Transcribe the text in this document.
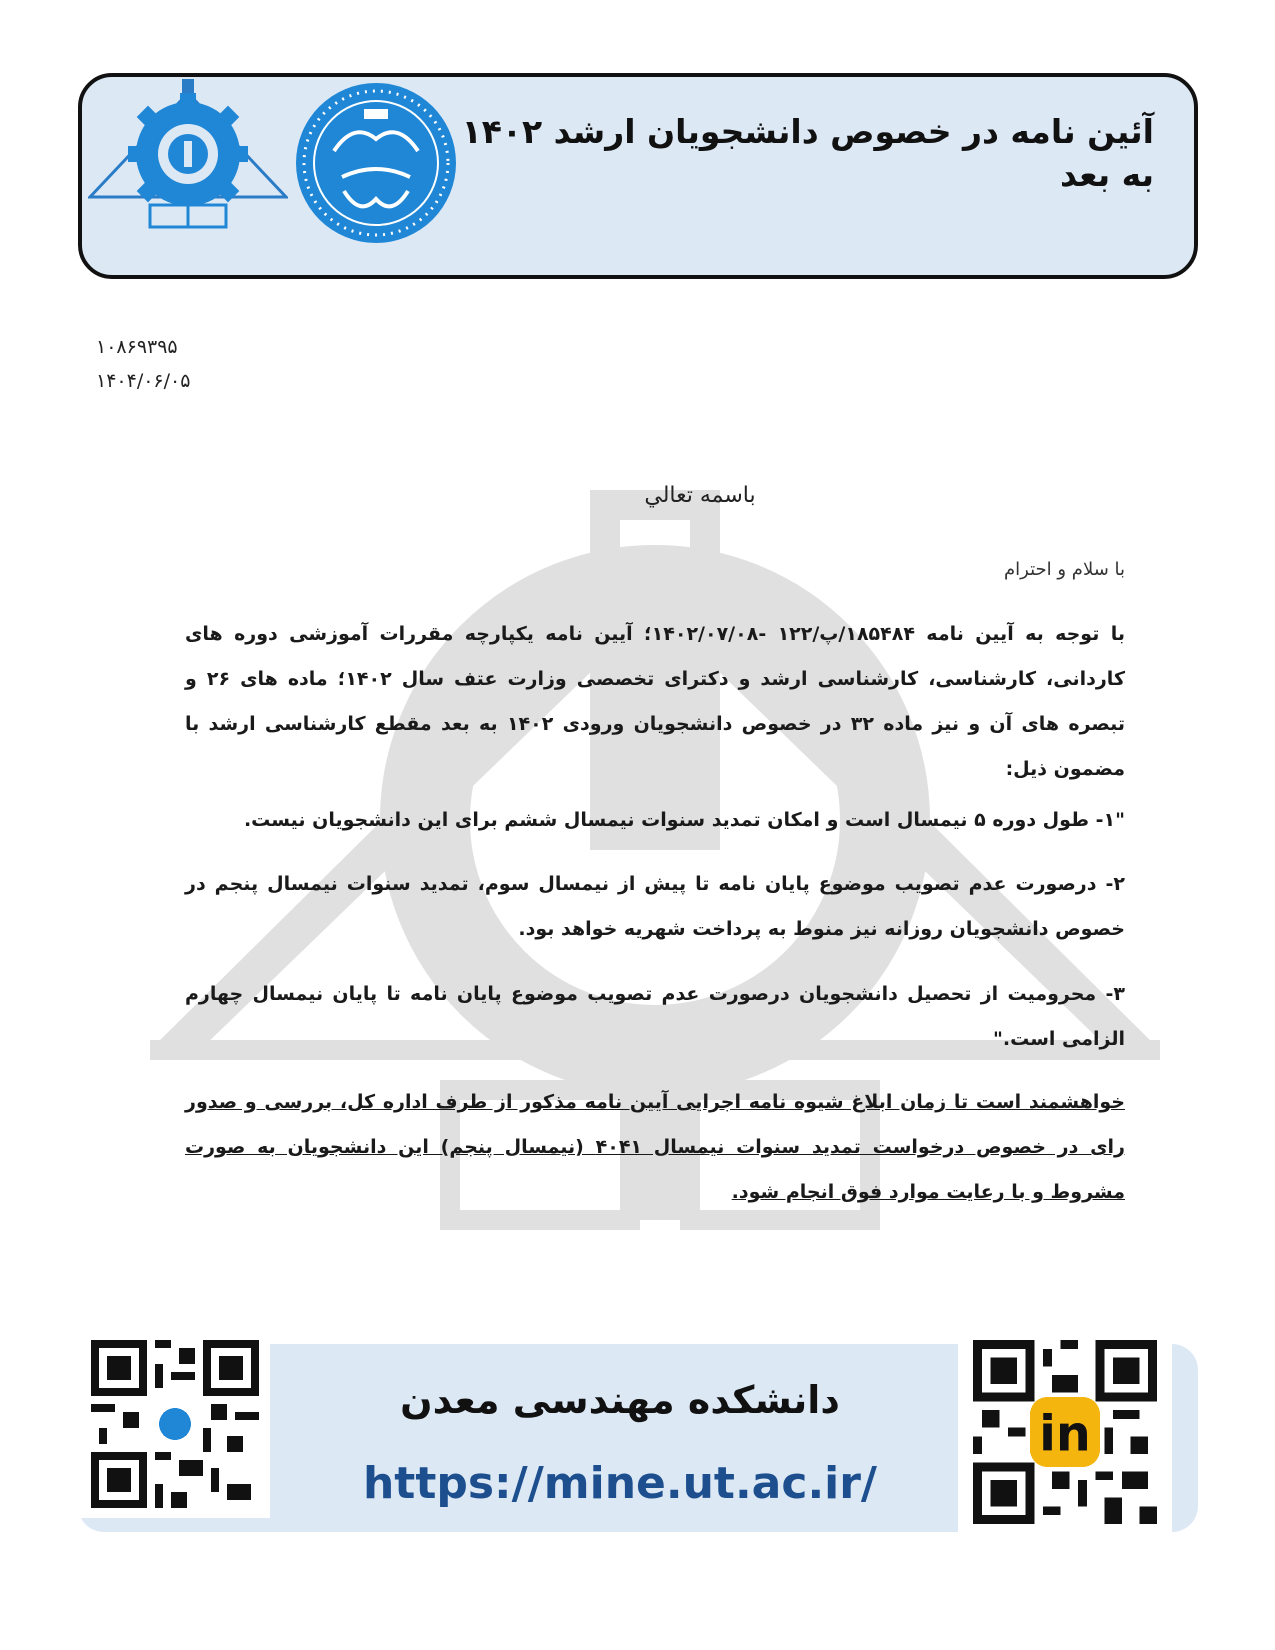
آئین نامه در خصوص دانشجویان ارشد ۱۴۰۲ به بعد
۱۰۸۶۹۳۹۵
۱۴۰۴/۰۶/۰۵
باسمه تعالي
با سلام و احترام
با توجه به آیین نامه ۱۸۵۴۸۴/پ/۱۲۲ -۱۴۰۲/۰۷/۰۸؛ آیین نامه یکپارچه مقررات آموزشی دوره های کاردانی، کارشناسی، کارشناسی ارشد و دکترای تخصصی وزارت عتف سال ۱۴۰۲؛ ماده های ۲۶ و تبصره های آن و نیز ماده ۳۲ در خصوص دانشجویان ورودی ۱۴۰۲ به بعد مقطع کارشناسی ارشد با مضمون ذیل:
"۱- طول دوره ۵ نیمسال است و امکان تمدید سنوات نیمسال ششم برای این دانشجویان نیست.
۲- درصورت عدم تصویب موضوع پایان نامه تا پیش از نیمسال سوم، تمدید سنوات نیمسال پنجم در خصوص دانشجویان روزانه نیز منوط به پرداخت شهریه خواهد بود.
۳- محرومیت از تحصیل دانشجویان درصورت عدم تصویب موضوع پایان نامه تا پایان نیمسال چهارم الزامی است."
خواهشمند است تا زمان ابلاغ شیوه نامه اجرایی آیین نامه مذکور از طرف اداره کل، بررسی و صدور رای در خصوص درخواست تمدید سنوات نیمسال ۴۰۴۱ (نیمسال پنجم) این دانشجویان به صورت مشروط و با رعایت موارد فوق انجام شود.
in
دانشکده مهندسی معدن
https://mine.ut.ac.ir/
